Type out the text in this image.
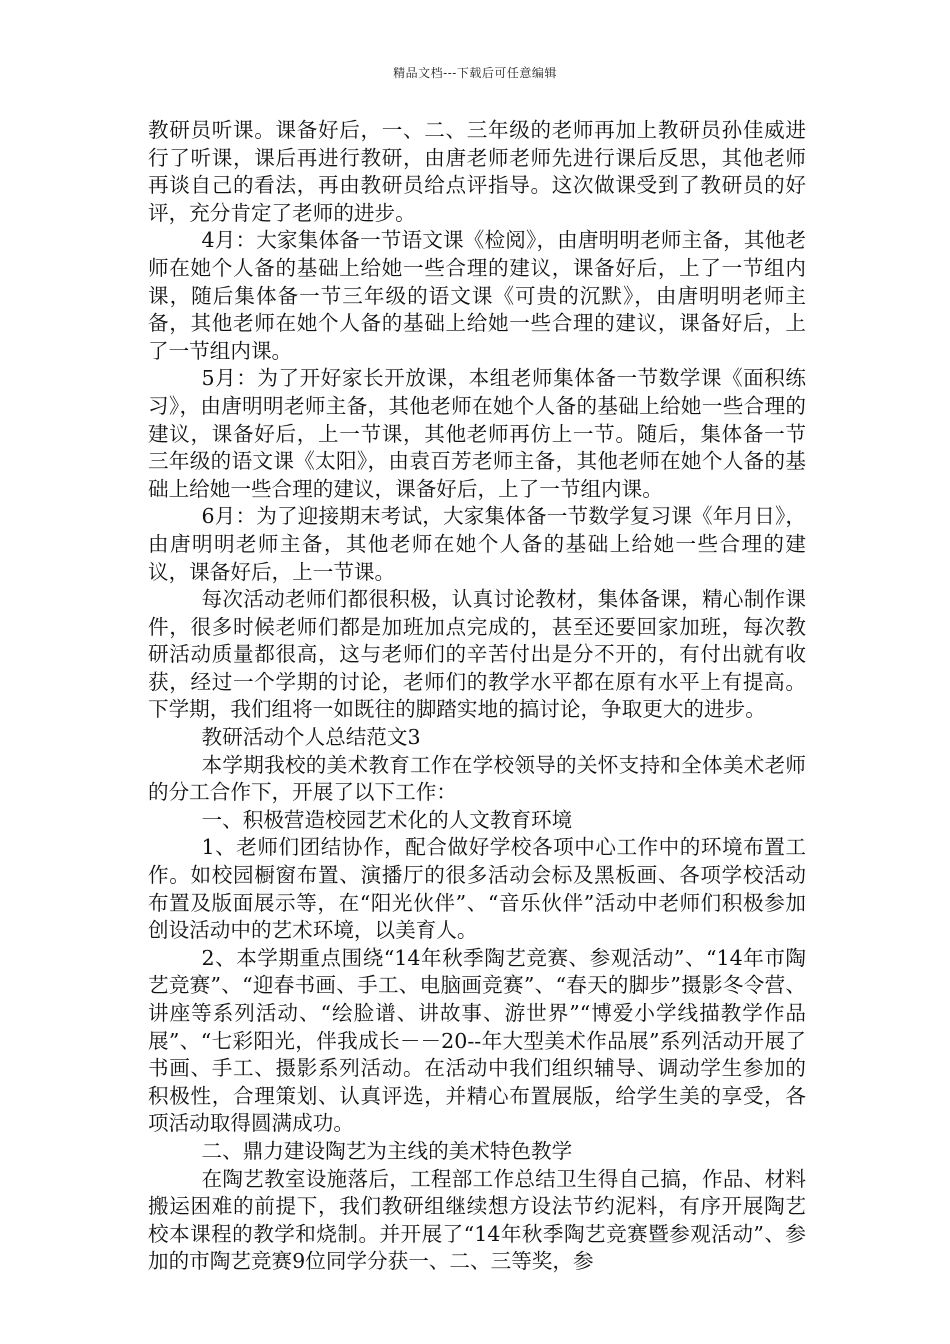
精品文档---下载后可任意编辑

教研员听课。课备好后，一、二、三年级的老师再加上教研员孙佳威进行了听课，课后再进行教研，由唐老师老师先进行课后反思，其他老师再谈自己的看法，再由教研员给点评指导。这次做课受到了教研员的好评，充分肯定了老师的进步。

4月：大家集体备一节语文课《检阅》，由唐明明老师主备，其他老师在她个人备的基础上给她一些合理的建议，课备好后，上了一节组内课，随后集体备一节三年级的语文课《可贵的沉默》，由唐明明老师主备，其他老师在她个人备的基础上给她一些合理的建议，课备好后，上了一节组内课。

5月：为了开好家长开放课，本组老师集体备一节数学课《面积练习》，由唐明明老师主备，其他老师在她个人备的基础上给她一些合理的建议，课备好后，上一节课，其他老师再仿上一节。随后，集体备一节三年级的语文课《太阳》，由袁百芳老师主备，其他老师在她个人备的基础上给她一些合理的建议，课备好后，上了一节组内课。

6月：为了迎接期末考试，大家集体备一节数学复习课《年月日》，由唐明明老师主备，其他老师在她个人备的基础上给她一些合理的建议，课备好后，上一节课。

每次活动老师们都很积极，认真讨论教材，集体备课，精心制作课件，很多时候老师们都是加班加点完成的，甚至还要回家加班，每次教研活动质量都很高，这与老师们的辛苦付出是分不开的，有付出就有收获，经过一个学期的讨论，老师们的教学水平都在原有水平上有提高。下学期，我们组将一如既往的脚踏实地的搞讨论，争取更大的进步。

教研活动个人总结范文3

本学期我校的美术教育工作在学校领导的关怀支持和全体美术老师的分工合作下，开展了以下工作：

一、积极营造校园艺术化的人文教育环境

1、老师们团结协作，配合做好学校各项中心工作中的环境布置工作。如校园橱窗布置、演播厅的很多活动会标及黑板画、各项学校活动布置及版面展示等，在“阳光伙伴”、“音乐伙伴”活动中老师们积极参加创设活动中的艺术环境，以美育人。

2、本学期重点围绕“14年秋季陶艺竞赛、参观活动”、“14年市陶艺竞赛”、“迎春书画、手工、电脑画竞赛”、“春天的脚步”摄影冬令营、讲座等系列活动、“绘脸谱、讲故事、游世界”“博爱小学线描教学作品展”、“七彩阳光，伴我成长－－20--年大型美术作品展”系列活动开展了书画、手工、摄影系列活动。在活动中我们组织辅导、调动学生参加的积极性，合理策划、认真评选，并精心布置展版，给学生美的享受，各项活动取得圆满成功。

二、鼎力建设陶艺为主线的美术特色教学

在陶艺教室设施落后，工程部工作总结卫生得自己搞，作品、材料搬运困难的前提下，我们教研组继续想方设法节约泥料，有序开展陶艺校本课程的教学和烧制。并开展了“14年秋季陶艺竞赛暨参观活动”、参加的市陶艺竞赛9位同学分获一、二、三等奖，参
